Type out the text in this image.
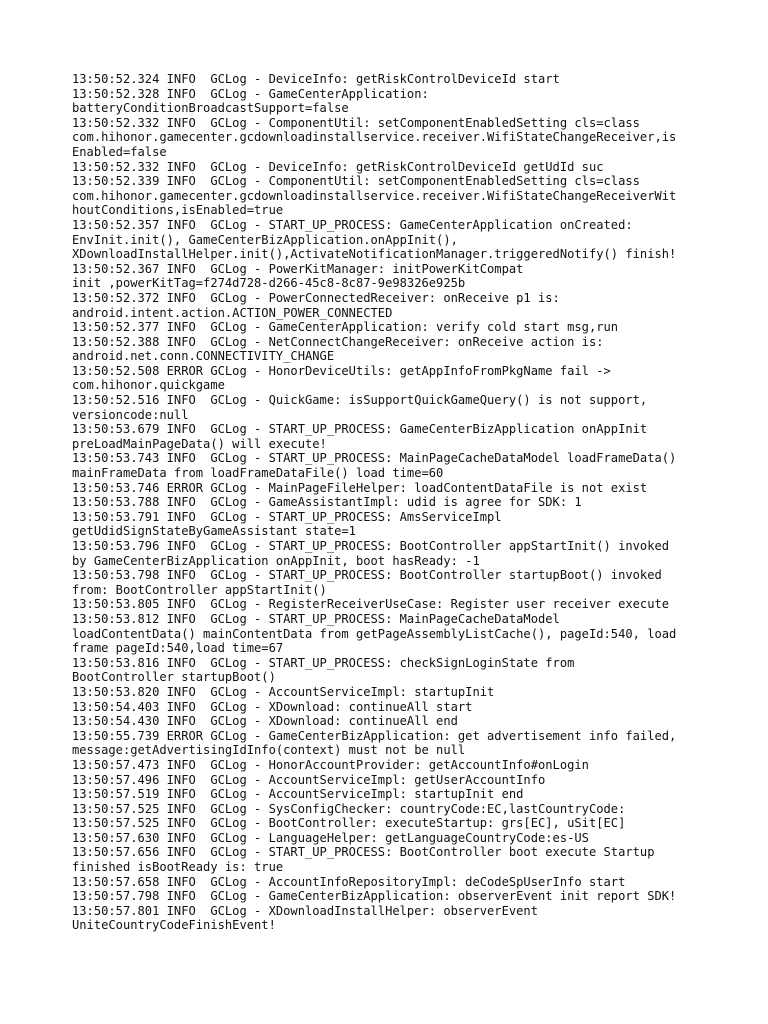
13:50:52.324 INFO  GCLog - DeviceInfo: getRiskControlDeviceId start
13:50:52.328 INFO  GCLog - GameCenterApplication:
batteryConditionBroadcastSupport=false
13:50:52.332 INFO  GCLog - ComponentUtil: setComponentEnabledSetting cls=class
com.hihonor.gamecenter.gcdownloadinstallservice.receiver.WifiStateChangeReceiver,is
Enabled=false
13:50:52.332 INFO  GCLog - DeviceInfo: getRiskControlDeviceId getUdId suc
13:50:52.339 INFO  GCLog - ComponentUtil: setComponentEnabledSetting cls=class
com.hihonor.gamecenter.gcdownloadinstallservice.receiver.WifiStateChangeReceiverWit
houtConditions,isEnabled=true
13:50:52.357 INFO  GCLog - START_UP_PROCESS: GameCenterApplication onCreated:
EnvInit.init(), GameCenterBizApplication.onAppInit(),
XDownloadInstallHelper.init(),ActivateNotificationManager.triggeredNotify() finish!
13:50:52.367 INFO  GCLog - PowerKitManager: initPowerKitCompat
init ,powerKitTag=f274d728-d266-45c8-8c87-9e98326e925b
13:50:52.372 INFO  GCLog - PowerConnectedReceiver: onReceive p1 is:
android.intent.action.ACTION_POWER_CONNECTED
13:50:52.377 INFO  GCLog - GameCenterApplication: verify cold start msg,run
13:50:52.388 INFO  GCLog - NetConnectChangeReceiver: onReceive action is:
android.net.conn.CONNECTIVITY_CHANGE
13:50:52.508 ERROR GCLog - HonorDeviceUtils: getAppInfoFromPkgName fail ->
com.hihonor.quickgame
13:50:52.516 INFO  GCLog - QuickGame: isSupportQuickGameQuery() is not support,
versioncode:null
13:50:53.679 INFO  GCLog - START_UP_PROCESS: GameCenterBizApplication onAppInit
preLoadMainPageData() will execute!
13:50:53.743 INFO  GCLog - START_UP_PROCESS: MainPageCacheDataModel loadFrameData()
mainFrameData from loadFrameDataFile() load time=60
13:50:53.746 ERROR GCLog - MainPageFileHelper: loadContentDataFile is not exist
13:50:53.788 INFO  GCLog - GameAssistantImpl: udid is agree for SDK: 1
13:50:53.791 INFO  GCLog - START_UP_PROCESS: AmsServiceImpl
getUdidSignStateByGameAssistant state=1
13:50:53.796 INFO  GCLog - START_UP_PROCESS: BootController appStartInit() invoked
by GameCenterBizApplication onAppInit, boot hasReady: -1
13:50:53.798 INFO  GCLog - START_UP_PROCESS: BootController startupBoot() invoked
from: BootController appStartInit()
13:50:53.805 INFO  GCLog - RegisterReceiverUseCase: Register user receiver execute
13:50:53.812 INFO  GCLog - START_UP_PROCESS: MainPageCacheDataModel
loadContentData() mainContentData from getPageAssemblyListCache(), pageId:540, load
frame pageId:540,load time=67
13:50:53.816 INFO  GCLog - START_UP_PROCESS: checkSignLoginState from
BootController startupBoot()
13:50:53.820 INFO  GCLog - AccountServiceImpl: startupInit
13:50:54.403 INFO  GCLog - XDownload: continueAll start
13:50:54.430 INFO  GCLog - XDownload: continueAll end
13:50:55.739 ERROR GCLog - GameCenterBizApplication: get advertisement info failed,
message:getAdvertisingIdInfo(context) must not be null
13:50:57.473 INFO  GCLog - HonorAccountProvider: getAccountInfo#onLogin
13:50:57.496 INFO  GCLog - AccountServiceImpl: getUserAccountInfo
13:50:57.519 INFO  GCLog - AccountServiceImpl: startupInit end
13:50:57.525 INFO  GCLog - SysConfigChecker: countryCode:EC,lastCountryCode:
13:50:57.525 INFO  GCLog - BootController: executeStartup: grs[EC], uSit[EC]
13:50:57.630 INFO  GCLog - LanguageHelper: getLanguageCountryCode:es-US
13:50:57.656 INFO  GCLog - START_UP_PROCESS: BootController boot execute Startup
finished isBootReady is: true
13:50:57.658 INFO  GCLog - AccountInfoRepositoryImpl: deCodeSpUserInfo start
13:50:57.798 INFO  GCLog - GameCenterBizApplication: observerEvent init report SDK!
13:50:57.801 INFO  GCLog - XDownloadInstallHelper: observerEvent
UniteCountryCodeFinishEvent!
